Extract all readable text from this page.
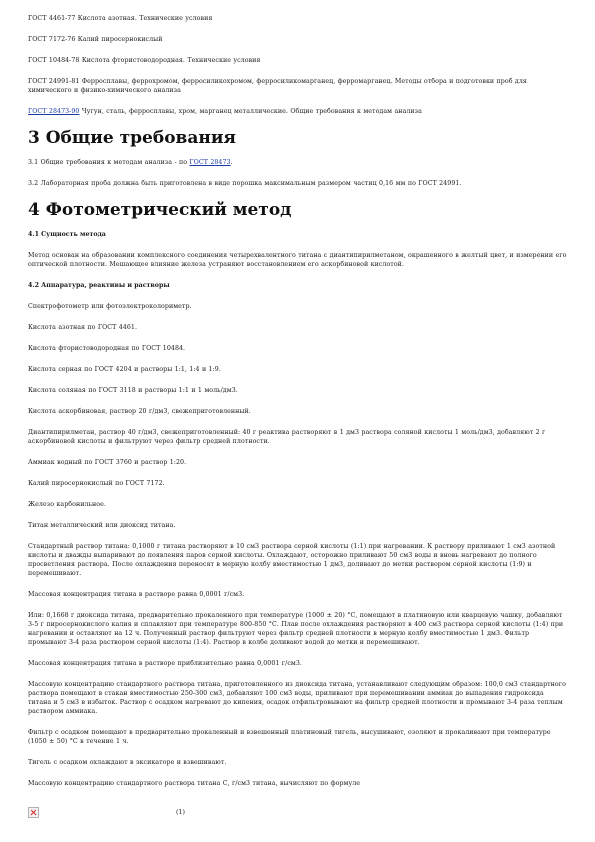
ГОСТ 4461-77 Кислота азотная. Технические условия

ГОСТ 7172-76 Калий пиросернокислый

ГОСТ 10484-78 Кислота фтористоводородная. Технические условия

ГОСТ 24991-81 Ферросплавы, феррохромом, ферросиликохромом, ферросиликомарганец, ферромарганец. Методы отбора и подготовки проб для химического и физико-химического анализа

ГОСТ 28473-90 Чугун, сталь, ферросплавы, хром, марганец металлические. Общие требования к методам анализа

3 Общие требования

3.1 Общие требования к методам анализа - по ГОСТ 28473.

3.2 Лабораторная проба должна быть приготовлена в виде порошка максимальным размером частиц 0,16 мм по ГОСТ 24991.

4 Фотометрический метод

4.1 Сущность метода

Метод основан на образовании комплексного соединения четырехвалентного титана с диантипирилметаном, окрашенного в желтый цвет, и измерении его оптической плотности. Мешающее влияние железа устраняют восстановлением его аскорбиновой кислотой.

4.2 Аппаратура, реактивы и растворы

Спектрофотометр или фотоэлектроколориметр.

Кислота азотная по ГОСТ 4461.

Кислота фтористоводородная по ГОСТ 10484.

Кислота серная по ГОСТ 4204 и растворы 1:1, 1:4 и 1:9.

Кислота соляная по ГОСТ 3118 и растворы 1:1 и 1 моль/дм3.

Кислота аскорбиновая, раствор 20 г/дм3, свежеприготовленный.

Диантипирилметан, раствор 40 г/дм3, свежеприготовленный: 40 г реактива растворяют в 1 дм3 раствора соляной кислоты 1 моль/дм3, добавляют 2 г аскорбиновой кислоты и фильтруют через фильтр средней плотности.

Аммиак водный по ГОСТ 3760 и раствор 1:20.

Калий пиросернокислый по ГОСТ 7172.

Железо карбонильное.

Титан металлический или диоксид титана.

Стандартный раствор титана: 0,1000 г титана растворяют в 10 см3 раствора серной кислоты (1:1) при нагревании. К раствору приливают 1 см3 азотной кислоты и дважды выпаривают до появления паров серной кислоты. Охлаждают, осторожно приливают 50 см3 воды и вновь нагревают до полного просветления раствора. После охлаждения переносят в мерную колбу вместимостью 1 дм3, доливают до метки раствором серной кислоты (1:9) и перемешивают.

Массовая концентрация титана в растворе равна 0,0001 г/см3.

Или: 0,1668 г диоксида титана, предварительно прокаленного при температуре (1000 ± 20) °С, помещают в платиновую или кварцевую чашку, добавляют 3-5 г пиросернокислого калия и сплавляют при температуре 800-850 °С. Плав после охлаждения растворяют в 400 см3 раствора серной кислоты (1:4) при нагревании и оставляют на 12 ч. Полученный раствор фильтруют через фильтр средней плотности в мерную колбу вместимостью 1 дм3. Фильтр промывают 3-4 раза раствором серной кислоты (1:4). Раствор в колбе доливают водой до метки и перемешивают.

Массовая концентрация титана в растворе приблизительно равна 0,0001 г/см3.

Массовую концентрацию стандартного раствора титана, приготовленного из диоксида титана, устанавливают следующим образом: 100,0 см3 стандартного раствора помещают в стакан вместимостью 250-300 см3, добавляют 100 см3 воды, приливают при перемешивании аммиак до выпадения гидроксида титана и 5 см3 в избыток. Раствор с осадком нагревают до кипения, осадок отфильтровывают на фильтр средней плотности и промывают 3-4 раза теплым раствором аммиака.

Фильтр с осадком помещают в предварительно прокаленный и взвешенный платиновый тигель, высушивают, озоляют и прокаливают при температуре (1050 ± 50) °С в течение 1 ч.

Тигель с осадком охлаждают в эксикаторе и взвешивают.

Массовую концентрацию стандартного раствора титана С, г/см3 титана, вычисляют по формуле

(1)
